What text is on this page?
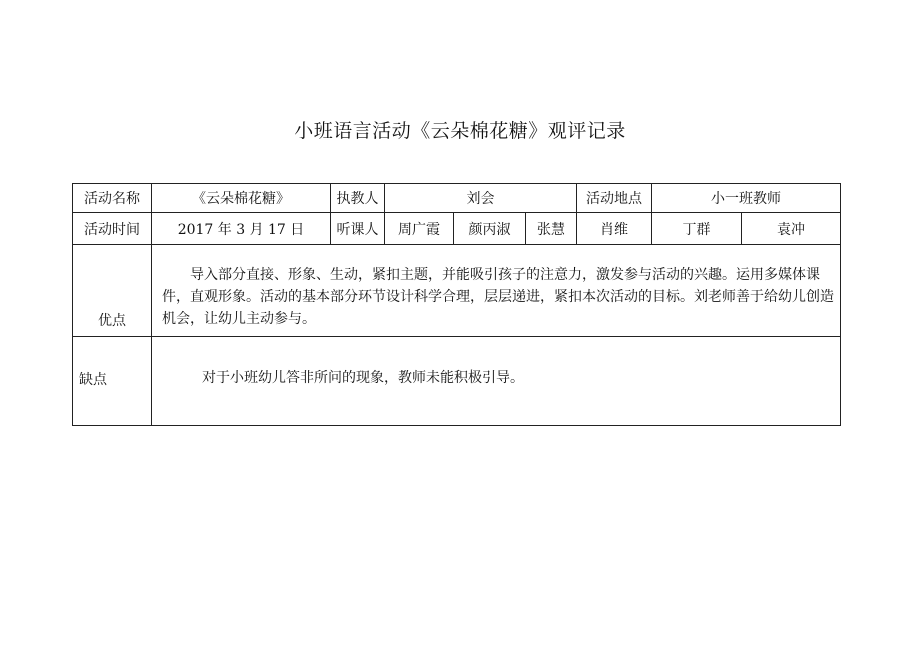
小班语言活动《云朵棉花糖》观评记录
活动名称	《云朵棉花糖》	执教人	刘会			活动地点	小一班教师	
活动时间	2017 年 3 月 17 日	听课人	周广霞	颜丙淑	张慧	肖维	丁群	袁冲
优点	导入部分直接、形象、生动，紧扣主题，并能吸引孩子的注意力，激发参与活动的兴趣。运用多媒体课件，直观形象。活动的基本部分环节设计科学合理，层层递进，紧扣本次活动的目标。刘老师善于给幼儿创造机会，让幼儿主动参与。							
缺点	对于小班幼儿答非所问的现象，教师未能积极引导。							
